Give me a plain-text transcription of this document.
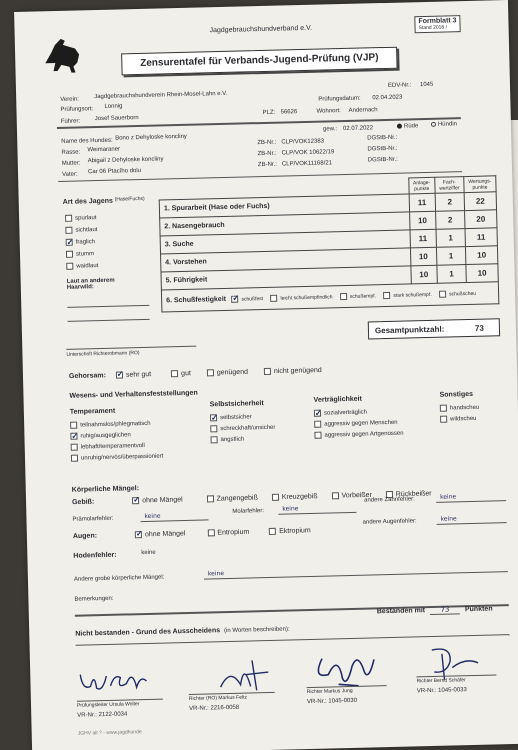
Jagdgebrauchshundverband e.V.
Formblatt 3
Stand 2018 /
Zensurentafel für Verbands-Jugend-Prüfung (VJP)
Verein:	Jagdgebrauchshundverein Rhein-Mosel-Lahn e.V.
EDV-Nr.: 1045
Prüfungsort: Lonnig
Prüfungsdatum: 02.04.2023
Führer: Josef Sauerborn
PLZ: 56626	Wohnort: Andernach
Name des Hundes: Bono z Dehyloske koncliny
gew.: 02.07.2022	Rüde	Hündin
Rasse: Weimaraner
ZB-Nr.: CLP/VOK12383
DGStB-Nr.:
Mutter: Abigail z Dehyloske koncliny
ZB-Nr.: CLP/VOK 10622/19
DGStB-Nr.:
Vater: Car 06 Ptacího dolu
ZB-Nr.: CLP/VOK11168/21
DGStB-Nr.:
Art des Jagens (Hase/Fuchs)
spurlaut
sichtlaut
✓fraglich
stumm
waidlaut
Laut an anderem Haarwild:
	Anlage-punkte	Fach-wertziffer	Wertungs-punkte
1. Spurarbeit (Hase oder Fuchs)	11	2	22
2. Nasengebrauch	10	2	20
3. Suche	11	1	11
4. Vorstehen	10	1	10
5. Führigkeit	10	1	10
6. Schußfestigkeit ✓ schußfest leicht schußempfindlich schußempf. stark schußempf. schußscheu
Gesamtpunktzahl:	73
Unterschrift Richterobmann (RO)
Gehorsam: ✓	sehr gut	gut	genügend	nicht genügend
Wesens- und Verhaltensfeststellungen
Temperament
teilnahmslos/phlegmatisch
✓ruhig/ausgeglichen
lebhaft/temperamentvoll
unruhig/nervös/überpassioniert
Selbstsicherheit
✓selbstsicher
schreckhaft/unsicher
ängstlich
Verträglichkeit
✓sozialverträglich
aggressiv gegen Menschen
aggressiv gegen Artgenossen
Sonstiges
handscheu
wildscheu
Körperliche Mängel:
Gebiß: ✓	ohne Mängel	Zangengebiß	Kreuzgebiß	Vorbeißer	Rückbeißer
Prämolarfehler:	keine
Molarfehler:	keine
andere Zahnfehler:	keine
Augen: ✓	ohne Mängel	Entropium	Ektropium
andere Augenfehler:	keine
Hodenfehler:	keine
Andere grobe körperliche Mängel:
keine
Bemerkungen:
Nicht bestanden - Grund des Ausscheidens (in Worten beschreiben):
Bestanden mit 73 Punkten
Prüfungsleiter Ursula Wolter
VR-Nr.: 2122-0034
Richter (RO) Markus Feltz
VR-Nr.: 2216-0058
Richter Markus Jung
VR-Nr.: 1045-0030
Richter Bernd Schäfer
VR-Nr.: 1045-0033
JGHV alt ? - www.jagdhunde
